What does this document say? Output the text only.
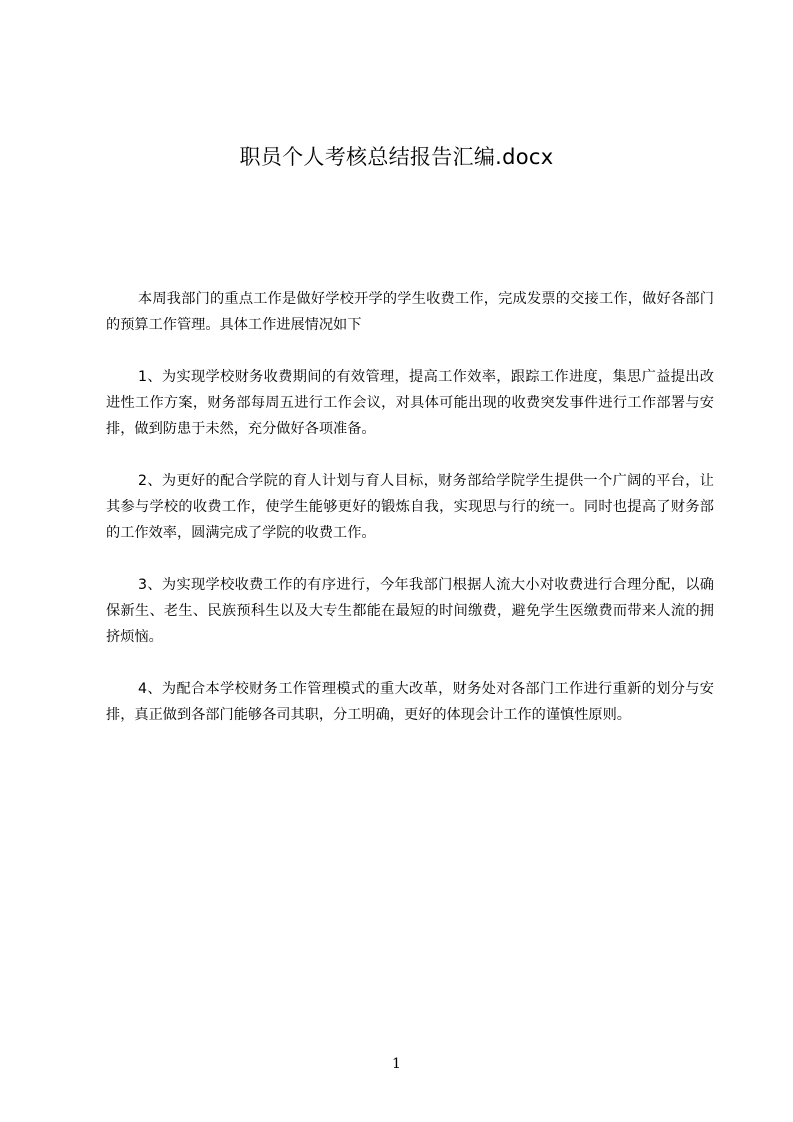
职员个人考核总结报告汇编.docx

本周我部门的重点工作是做好学校开学的学生收费工作，完成发票的交接工作，做好各部门的预算工作管理。具体工作进展情况如下

1、为实现学校财务收费期间的有效管理，提高工作效率，跟踪工作进度，集思广益提出改进性工作方案，财务部每周五进行工作会议，对具体可能出现的收费突发事件进行工作部署与安排，做到防患于未然，充分做好各项准备。

2、为更好的配合学院的育人计划与育人目标，财务部给学院学生提供一个广阔的平台，让其参与学校的收费工作，使学生能够更好的锻炼自我，实现思与行的统一。同时也提高了财务部的工作效率，圆满完成了学院的收费工作。

3、为实现学校收费工作的有序进行，今年我部门根据人流大小对收费进行合理分配，以确保新生、老生、民族预科生以及大专生都能在最短的时间缴费，避免学生医缴费而带来人流的拥挤烦恼。

4、为配合本学校财务工作管理模式的重大改革，财务处对各部门工作进行重新的划分与安排，真正做到各部门能够各司其职，分工明确，更好的体现会计工作的谨慎性原则。

1
